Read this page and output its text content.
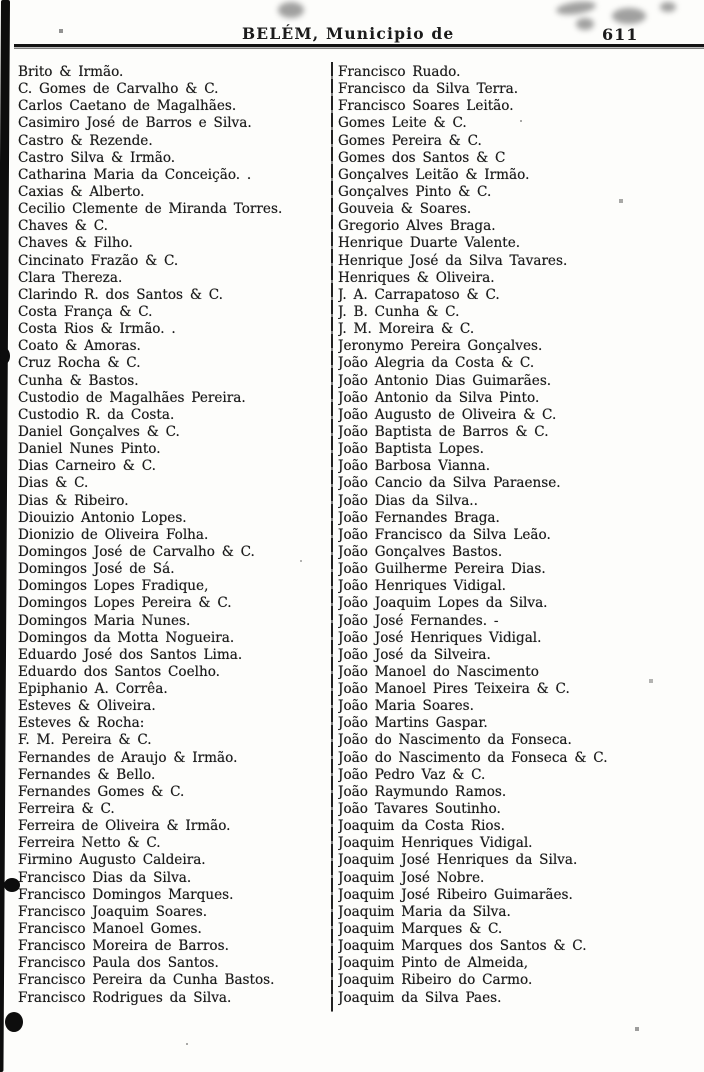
BELÉM, Municipio de	611
Brito & Irmão.
C. Gomes de Carvalho & C.
Carlos Caetano de Magalhães.
Casimiro José de Barros e Silva.
Castro & Rezende.
Castro Silva & Irmão.
Catharina Maria da Conceição. .
Caxias & Alberto.
Cecilio Clemente de Miranda Torres.
Chaves & C.
Chaves & Filho.
Cincinato Frazão & C.
Clara Thereza.
Clarindo R. dos Santos & C.
Costa França & C.
Costa Rios & Irmão. .
Coato & Amoras.
Cruz Rocha & C.
Cunha & Bastos.
Custodio de Magalhães Pereira.
Custodio R. da Costa.
Daniel Gonçalves & C.
Daniel Nunes Pinto.
Dias Carneiro & C.
Dias & C.
Dias & Ribeiro.
Diouizio Antonio Lopes.
Dionizio de Oliveira Folha.
Domingos José de Carvalho & C.
Domingos José de Sá.
Domingos Lopes Fradique,
Domingos Lopes Pereira & C.
Domingos Maria Nunes.
Domingos da Motta Nogueira.
Eduardo José dos Santos Lima.
Eduardo dos Santos Coelho.
Epiphanio A. Corrêa.
Esteves & Oliveira.
Esteves & Rocha:
F. M. Pereira & C.
Fernandes de Araujo & Irmão.
Fernandes & Bello.
Fernandes Gomes & C.
Ferreira & C.
Ferreira de Oliveira & Irmão.
Ferreira Netto & C.
Firmino Augusto Caldeira.
Francisco Dias da Silva.
Francisco Domingos Marques.
Francisco Joaquim Soares.
Francisco Manoel Gomes.
Francisco Moreira de Barros.
Francisco Paula dos Santos.
Francisco Pereira da Cunha Bastos.
Francisco Rodrigues da Silva.
Francisco Ruado.
Francisco da Silva Terra.
Francisco Soares Leitão.
Gomes Leite & C.
Gomes Pereira & C.
Gomes dos Santos & C
Gonçalves Leitão & Irmão.
Gonçalves Pinto & C.
Gouveia & Soares.
Gregorio Alves Braga.
Henrique Duarte Valente.
Henrique José da Silva Tavares.
Henriques & Oliveira.
J. A. Carrapatoso & C.
J. B. Cunha & C.
J. M. Moreira & C.
Jeronymo Pereira Gonçalves.
João Alegria da Costa & C.
João Antonio Dias Guimarães.
João Antonio da Silva Pinto.
João Augusto de Oliveira & C.
João Baptista de Barros & C.
João Baptista Lopes.
João Barbosa Vianna.
João Cancio da Silva Paraense.
João Dias da Silva..
João Fernandes Braga.
João Francisco da Silva Leão.
João Gonçalves Bastos.
João Guilherme Pereira Dias.
João Henriques Vidigal.
João Joaquim Lopes da Silva.
João José Fernandes. -
João José Henriques Vidigal.
João José da Silveira.
João Manoel do Nascimento
João Manoel Pires Teixeira & C.
João Maria Soares.
João Martins Gaspar.
João do Nascimento da Fonseca.
João do Nascimento da Fonseca & C.
João Pedro Vaz & C.
João Raymundo Ramos.
João Tavares Soutinho.
Joaquim da Costa Rios.
Joaquim Henriques Vidigal.
Joaquim José Henriques da Silva.
Joaquim José Nobre.
Joaquim José Ribeiro Guimarães.
Joaquim Maria da Silva.
Joaquim Marques & C.
Joaquim Marques dos Santos & C.
Joaquim Pinto de Almeida,
Joaquim Ribeiro do Carmo.
Joaquim da Silva Paes.
